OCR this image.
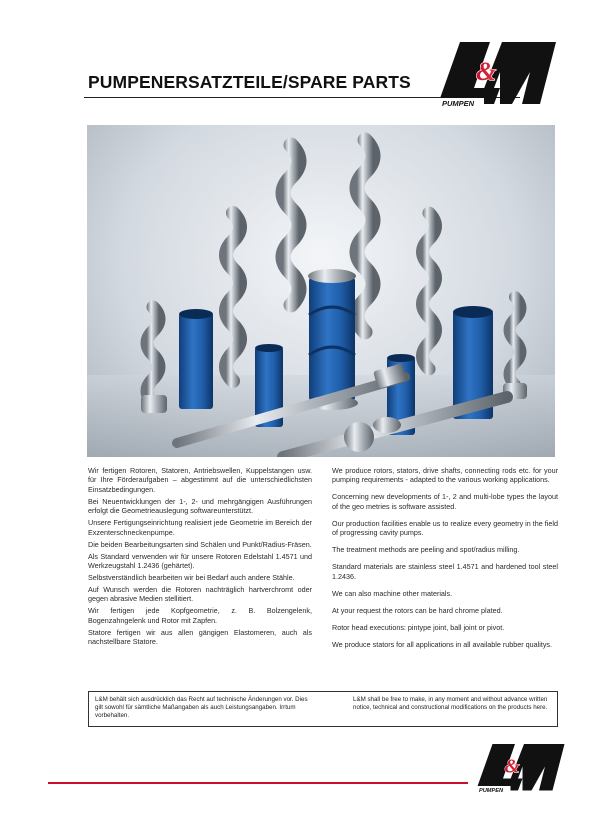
PUMPENERSATZTEILE/SPARE PARTS	&
PUMPEN

Wir fertigen Rotoren, Statoren, Antriebswellen, Kuppelstangen usw. für Ihre Förderaufgaben – abgestimmt auf die unterschiedlichsten Einsatzbedingungen.

Bei Neuentwicklungen der 1-, 2- und mehrgängigen Ausführungen erfolgt die Geometrieauslegung softwareunterstützt.

Unsere Fertigungseinrichtung realisiert jede Geometrie im Bereich der Exzenterschneckenpumpe.

Die beiden Bearbeitungsarten sind Schälen und Punkt/Radius-Fräsen.

Als Standard verwenden wir für unsere Rotoren Edelstahl 1.4571 und Werkzeugstahl 1.2436 (gehärtet).

Selbstverständlich bearbeiten wir bei Bedarf auch andere Stähle.

Auf Wunsch werden die Rotoren nachträglich hartverchromt oder gegen abrasive Medien stellitiert.

Wir fertigen jede Kopfgeometrie, z. B. Bolzengelenk, Bogenzahngelenk und Rotor mit Zapfen.

Statore fertigen wir aus allen gängigen Elastomeren, auch als nachstellbare Statore.

We produce rotors, stators, drive shafts, connecting rods etc. for your pumping requirements - adapted to the various working applications.

Concerning new developments of 1-, 2 and multi-lobe types the layout of the geo metries is software assisted.

Our production facilities enable us to realize every geometry in the field of progressing cavity pumps.

The treatment methods are peeling and spot/radius milling.

Standard materials are stainless steel 1.4571 and hardened tool steel 1.2436.

We can also machine other materials.

At your request the rotors can be hard chrome plated.

Rotor head executions: pintype joint, ball joint or pivot.

We produce stators for all applications in all available rubber qualitys.

L&M behält sich ausdrücklich das Recht auf technische Änderungen vor. Dies gilt sowohl für sämtliche Maßangaben als auch Leistungsangaben. Irrtum vorbehalten.
L&M shall be free to make, in any moment and without advance written notice, technical and constructional modifications on the products here.
&
PUMPEN
